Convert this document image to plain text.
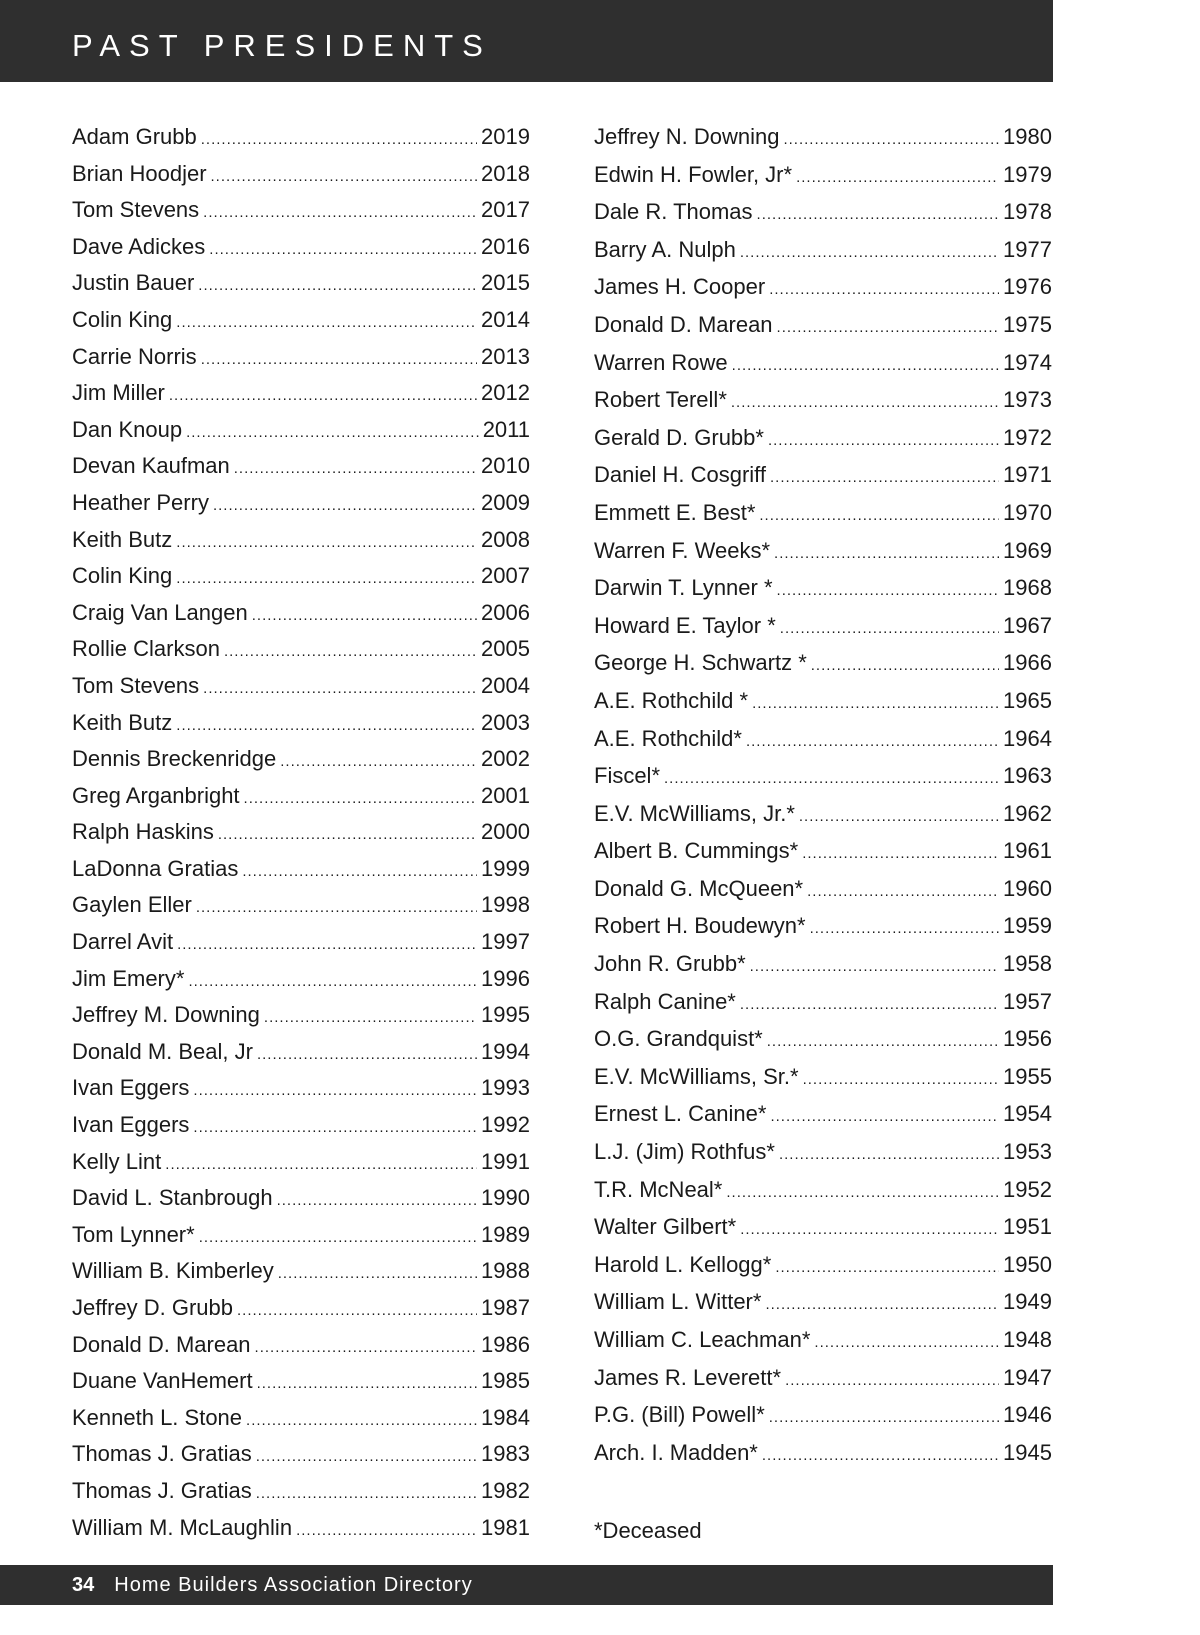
PAST PRESIDENTS
Adam Grubb .....	2019
Brian Hoodjer .....	2018
Tom Stevens .....	2017
Dave Adickes .....	2016
Justin Bauer .....	2015
Colin King .....	2014
Carrie Norris .....	2013
Jim Miller .....	2012
Dan Knoup .....	2011
Devan Kaufman .....	2010
Heather Perry .....	2009
Keith Butz .....	2008
Colin King .....	2007
Craig Van Langen .....	2006
Rollie Clarkson .....	2005
Tom Stevens .....	2004
Keith Butz .....	2003
Dennis Breckenridge .....	2002
Greg Arganbright .....	2001
Ralph Haskins .....	2000
LaDonna Gratias .....	1999
Gaylen Eller .....	1998
Darrel Avit .....	1997
Jim Emery* .....	1996
Jeffrey M. Downing .....	1995
Donald M. Beal, Jr .....	1994
Ivan Eggers .....	1993
Ivan Eggers .....	1992
Kelly Lint .....	1991
David L. Stanbrough .....	1990
Tom Lynner* .....	1989
William B. Kimberley .....	1988
Jeffrey D. Grubb .....	1987
Donald D. Marean .....	1986
Duane VanHemert .....	1985
Kenneth L. Stone .....	1984
Thomas J. Gratias .....	1983
Thomas J. Gratias .....	1982
William M. McLaughlin .....	1981
Jeffrey N. Downing .....	1980
Edwin H. Fowler, Jr* .....	1979
Dale R. Thomas .....	1978
Barry A. Nulph .....	1977
James H. Cooper .....	1976
Donald D. Marean .....	1975
Warren Rowe .....	1974
Robert Terell* .....	1973
Gerald D. Grubb* .....	1972
Daniel H. Cosgriff .....	1971
Emmett E. Best* .....	1970
Warren F. Weeks* .....	1969
Darwin T. Lynner * .....	1968
Howard E. Taylor * .....	1967
George H. Schwartz * .....	1966
A.E. Rothchild * .....	1965
A.E. Rothchild* .....	1964
Fiscel* .....	1963
E.V. McWilliams, Jr.* .....	1962
Albert B. Cummings* .....	1961
Donald G. McQueen* .....	1960
Robert H. Boudewyn* .....	1959
John R. Grubb* .....	1958
Ralph Canine* .....	1957
O.G. Grandquist* .....	1956
E.V. McWilliams, Sr.* .....	1955
Ernest L. Canine* .....	1954
L.J. (Jim) Rothfus* .....	1953
T.R. McNeal* .....	1952
Walter Gilbert* .....	1951
Harold L. Kellogg* .....	1950
William L. Witter* .....	1949
William C. Leachman* .....	1948
James R. Leverett* .....	1947
P.G. (Bill) Powell* .....	1946
Arch. I. Madden* .....	1945
*Deceased
34 Home Builders Association Directory
